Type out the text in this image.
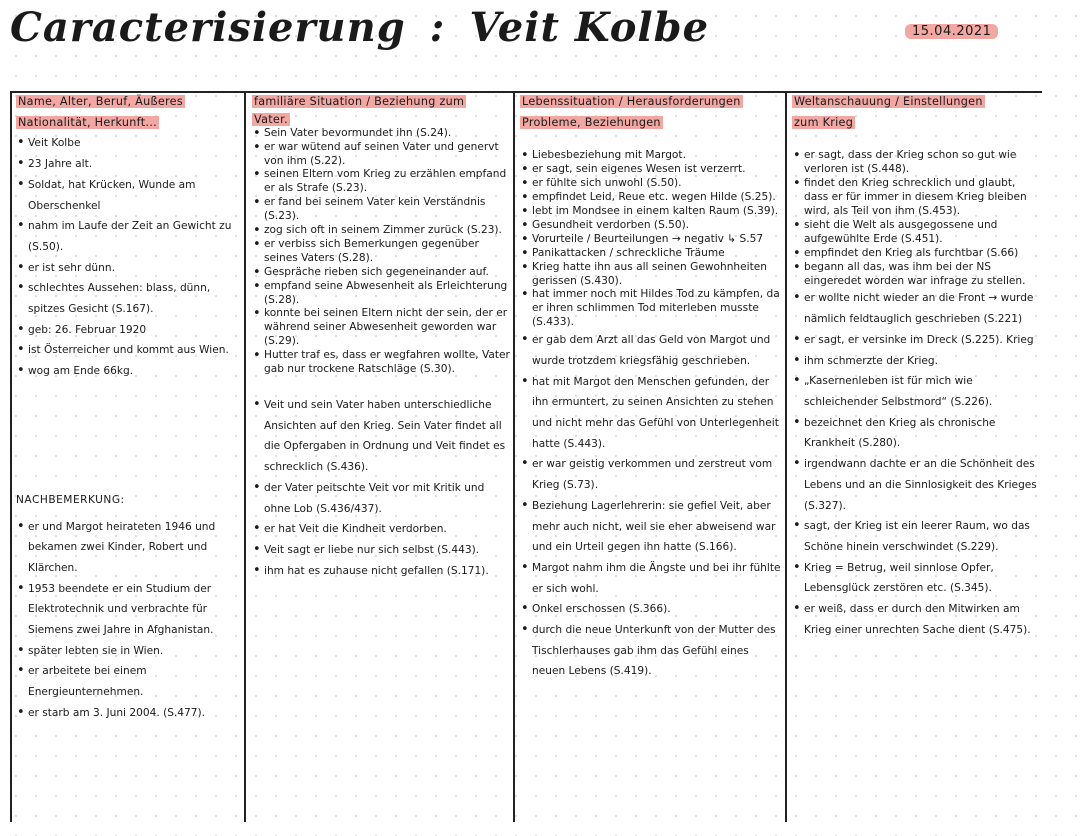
Caracterisierung : Veit Kolbe	15.04.2021
Name, Alter, Beruf, Äußeres
Nationalität, Herkunft...
• Veit Kolbe
• 23 Jahre alt.
• Soldat, hat Krücken, Wunde am Oberschenkel
• nahm im Laufe der Zeit an Gewicht zu (S.50).
• er ist sehr dünn.
• schlechtes Aussehen: blass, dünn, spitzes Gesicht (S.167).
• geb: 26. Februar 1920
• ist Österreicher und kommt aus Wien.
• wog am Ende 66kg.
NACHBEMERKUNG:
• er und Margot heirateten 1946 und bekamen zwei Kinder, Robert und Klärchen.
• 1953 beendete er ein Studium der Elektrotechnik und verbrachte für Siemens zwei Jahre in Afghanistan.
• später lebten sie in Wien.
• er arbeitete bei einem Energieunternehmen.
• er starb am 3. Juni 2004. (S.477).
familiäre Situation / Beziehung zum
Vater.
• Sein Vater bevormundet ihn (S.24).
• er war wütend auf seinen Vater und genervt von ihm (S.22).
• seinen Eltern vom Krieg zu erzählen empfand er als Strafe (S.23).
• er fand bei seinem Vater kein Verständnis (S.23).
• zog sich oft in seinem Zimmer zurück (S.23).
• er verbiss sich Bemerkungen gegenüber seines Vaters (S.28).
• Gespräche rieben sich gegeneinander auf.
• empfand seine Abwesenheit als Erleichterung (S.28).
• konnte bei seinen Eltern nicht der sein, der er während seiner Abwesenheit geworden war (S.29).
• Hutter traf es, dass er wegfahren wollte, Vater gab nur trockene Ratschläge (S.30).
• Veit und sein Vater haben unterschiedliche Ansichten auf den Krieg. Sein Vater findet all die Opfergaben in Ordnung und Veit findet es schrecklich (S.436).
• der Vater peitschte Veit vor mit Kritik und ohne Lob (S.436/437).
• er hat Veit die Kindheit verdorben.
• Veit sagt er liebe nur sich selbst (S.443).
• ihm hat es zuhause nicht gefallen (S.171).
Lebenssituation / Herausforderungen
Probleme, Beziehungen
• Liebesbeziehung mit Margot.
• er sagt, sein eigenes Wesen ist verzerrt.
• er fühlte sich unwohl (S.50).
• empfindet Leid, Reue etc. wegen Hilde (S.25).
• lebt im Mondsee in einem kalten Raum (S.39).
• Gesundheit verdorben (S.50).
• Vorurteile / Beurteilungen → negativ ↳ S.57
• Panikattacken / schreckliche Träume
• Krieg hatte ihn aus all seinen Gewohnheiten gerissen (S.430).
• hat immer noch mit Hildes Tod zu kämpfen, da er ihren schlimmen Tod miterleben musste (S.433).
• er gab dem Arzt all das Geld von Margot und wurde trotzdem kriegsfähig geschrieben.
• hat mit Margot den Menschen gefunden, der ihn ermuntert, zu seinen Ansichten zu stehen und nicht mehr das Gefühl von Unterlegenheit hatte (S.443).
• er war geistig verkommen und zerstreut vom Krieg (S.73).
• Beziehung Lagerlehrerin: sie gefiel Veit, aber mehr auch nicht, weil sie eher abweisend war und ein Urteil gegen ihn hatte (S.166).
• Margot nahm ihm die Ängste und bei ihr fühlte er sich wohl.
• Onkel erschossen (S.366).
• durch die neue Unterkunft von der Mutter des Tischlerhauses gab ihm das Gefühl eines neuen Lebens (S.419).
Weltanschauung / Einstellungen
zum Krieg
• er sagt, dass der Krieg schon so gut wie verloren ist (S.448).
• findet den Krieg schrecklich und glaubt, dass er für immer in diesem Krieg bleiben wird, als Teil von ihm (S.453).
• sieht die Welt als ausgegossene und aufgewühlte Erde (S.451).
• empfindet den Krieg als furchtbar (S.66)
• begann all das, was ihm bei der NS eingeredet worden war infrage zu stellen.
• er wollte nicht wieder an die Front → wurde nämlich feldtauglich geschrieben (S.221)
• er sagt, er versinke im Dreck (S.225). Krieg
• ihm schmerzte der Krieg.
• „Kasernenleben ist für mich wie schleichender Selbstmord“ (S.226).
• bezeichnet den Krieg als chronische Krankheit (S.280).
• irgendwann dachte er an die Schönheit des Lebens und an die Sinnlosigkeit des Krieges (S.327).
• sagt, der Krieg ist ein leerer Raum, wo das Schöne hinein verschwindet (S.229).
• Krieg = Betrug, weil sinnlose Opfer, Lebensglück zerstören etc. (S.345).
• er weiß, dass er durch den Mitwirken am Krieg einer unrechten Sache dient (S.475).
